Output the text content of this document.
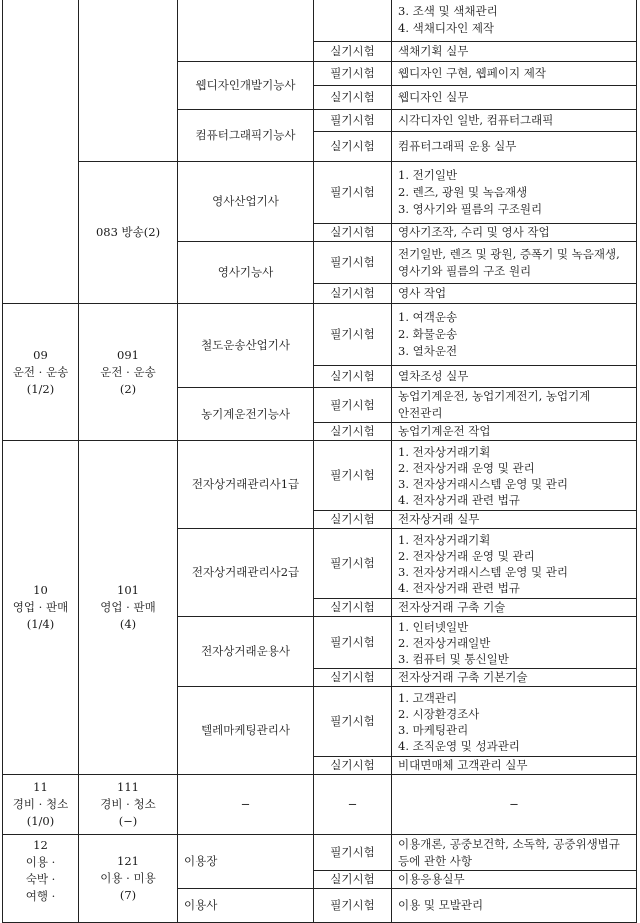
				3. 조색 및 색채관리
4. 색채디자인 제작

			실기시험	색채기획 실무
		웹디자인개발기능사	필기시험	웹디자인 구현, 웹페이지 제작
			실기시험	웹디자인 실무
		컴퓨터그래픽기능사	필기시험	시각디자인 일반, 컴퓨터그래픽
			실기시험	컴퓨터그래픽 운용 실무
	083 방송(2)	영사산업기사	필기시험	1. 전기일반
2. 렌즈, 광원 및 녹음재생
3. 영사기와 필름의 구조원리

			실기시험	영사기조작, 수리 및 영사 작업
		영사기능사	필기시험	전기일반, 렌즈 및 광원, 증폭기 및 녹음재생, 영사기와 필름의 구조 원리
			실기시험	영사 작업

09
운전 · 운송
(1/2)	091
운전 · 운송
(2)	철도운송산업기사	필기시험	1. 여객운송
2. 화물운송
3. 열차운전

			실기시험	열차조성 실무
		농기계운전기능사	필기시험	농업기계운전, 농업기계전기, 농업기계 안전관리
			실기시험	농업기계운전 작업

10
영업 · 판매
(1/4)	101
영업 · 판매
(4)	전자상거래관리사1급	필기시험	1. 전자상거래기획
2. 전자상거래 운영 및 관리
3. 전자상거래시스템 운영 및 관리
4. 전자상거래 관련 법규

			실기시험	전자상거래 실무
		전자상거래관리사2급	필기시험	1. 전자상거래기획
2. 전자상거래 운영 및 관리
3. 전자상거래시스템 운영 및 관리
4. 전자상거래 관련 법규

			실기시험	전자상거래 구축 기술
		전자상거래운용사	필기시험	1. 인터넷일반
2. 전자상거래일반
3. 컴퓨터 및 통신일반

			실기시험	전자상거래 구축 기본기술
		텔레마케팅관리사	필기시험	1. 고객관리
2. 시장환경조사
3. 마케팅관리
4. 조직운영 및 성과관리

			실기시험	비대면매체 고객관리 실무

11
경비 · 청소
(1/0)	111
경비 · 청소
(−)	−	−	−

12
이용 ·
숙박 ·
여행 ·	121
이용 · 미용
(7)	이용장	필기시험	이용개론, 공중보건학, 소독학, 공중위생법규 등에 관한 사항
			실기시험	이용응용실무
		이용사	필기시험	이용 및 모발관리
